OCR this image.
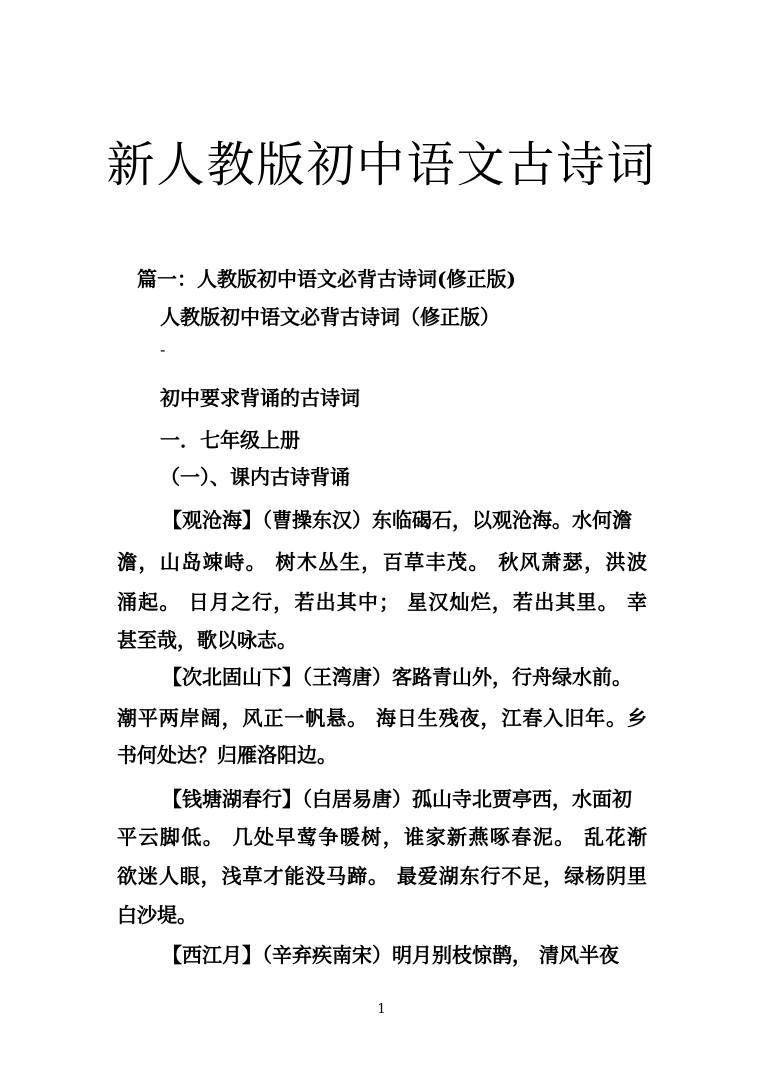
新人教版初中语文古诗词
篇一：人教版初中语文必背古诗词(修正版)
人教版初中语文必背古诗词（修正版）
-
初中要求背诵的古诗词
一．七年级上册
（一）、课内古诗背诵
【观沧海】（曹操东汉）东临碣石，以观沧海。水何澹
澹，山岛竦峙。 树木丛生，百草丰茂。 秋风萧瑟，洪波
涌起。 日月之行，若出其中； 星汉灿烂，若出其里。 幸
甚至哉，歌以咏志。
【次北固山下】（王湾唐）客路青山外，行舟绿水前。
潮平两岸阔，风正一帆悬。 海日生残夜，江春入旧年。乡
书何处达？归雁洛阳边。
【钱塘湖春行】（白居易唐）孤山寺北贾亭西，水面初
平云脚低。 几处早莺争暖树，谁家新燕啄春泥。 乱花渐
欲迷人眼，浅草才能没马蹄。 最爱湖东行不足，绿杨阴里
白沙堤。
【西江月】（辛弃疾南宋）明月别枝惊鹊， 清风半夜
1
